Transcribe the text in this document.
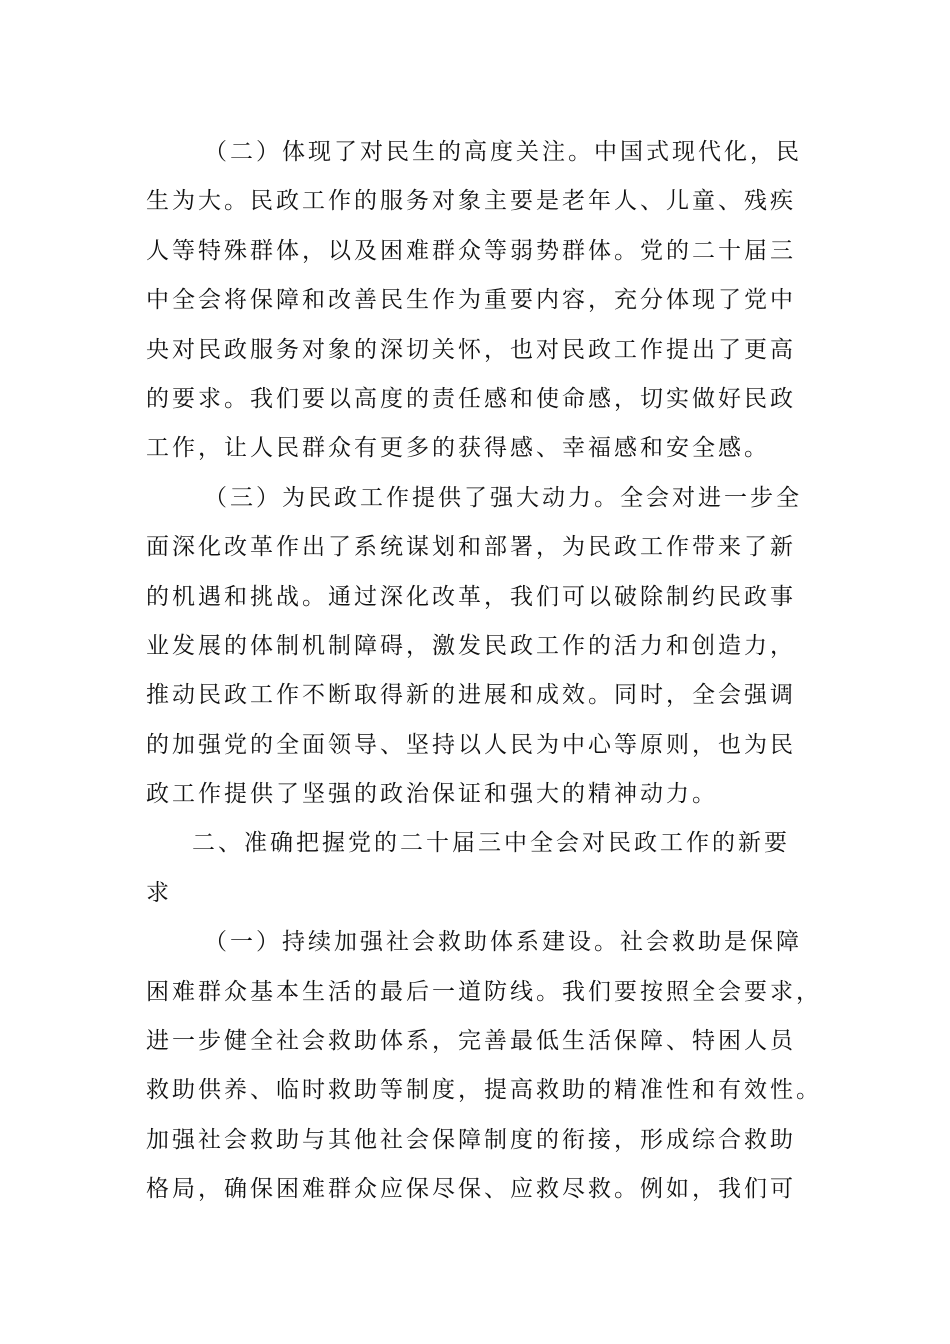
（二）体现了对民生的高度关注。中国式现代化，民
生为大。民政工作的服务对象主要是老年人、儿童、残疾
人等特殊群体，以及困难群众等弱势群体。党的二十届三
中全会将保障和改善民生作为重要内容，充分体现了党中
央对民政服务对象的深切关怀，也对民政工作提出了更高
的要求。我们要以高度的责任感和使命感，切实做好民政
工作，让人民群众有更多的获得感、幸福感和安全感。
（三）为民政工作提供了强大动力。全会对进一步全
面深化改革作出了系统谋划和部署，为民政工作带来了新
的机遇和挑战。通过深化改革，我们可以破除制约民政事
业发展的体制机制障碍，激发民政工作的活力和创造力，
推动民政工作不断取得新的进展和成效。同时，全会强调
的加强党的全面领导、坚持以人民为中心等原则，也为民
政工作提供了坚强的政治保证和强大的精神动力。
二、准确把握党的二十届三中全会对民政工作的新要
求
（一）持续加强社会救助体系建设。社会救助是保障
困难群众基本生活的最后一道防线。我们要按照全会要求，
进一步健全社会救助体系，完善最低生活保障、特困人员
救助供养、临时救助等制度，提高救助的精准性和有效性。
加强社会救助与其他社会保障制度的衔接，形成综合救助
格局，确保困难群众应保尽保、应救尽救。例如，我们可
